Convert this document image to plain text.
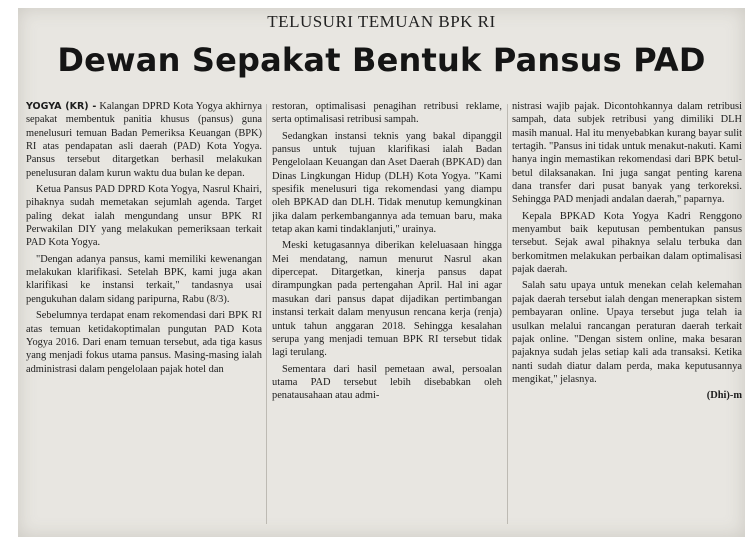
TELUSURI TEMUAN BPK RI
Dewan Sepakat Bentuk Pansus PAD

YOGYA (KR) - Kalangan DPRD Kota Yogya akhirnya sepakat membentuk panitia khusus (pansus) guna menelusuri temuan Badan Pemeriksa Keuangan (BPK) RI atas pendapatan asli daerah (PAD) Kota Yogya. Pansus tersebut ditargetkan berhasil melakukan penelusuran dalam kurun waktu dua bulan ke depan.

Ketua Pansus PAD DPRD Kota Yogya, Nasrul Khairi, pihaknya sudah memetakan sejumlah agenda. Target paling dekat ialah mengundang unsur BPK RI Perwakilan DIY yang melakukan pemeriksaan terkait PAD Kota Yogya.

"Dengan adanya pansus, kami memiliki kewenangan melakukan klarifikasi. Setelah BPK, kami juga akan klarifikasi ke instansi terkait," tandasnya usai pengukuhan dalam sidang paripurna, Rabu (8/3).

Sebelumnya terdapat enam rekomendasi dari BPK RI atas temuan ketidakoptimalan pungutan PAD Kota Yogya 2016. Dari enam temuan tersebut, ada tiga kasus yang menjadi fokus utama pansus. Masing-masing ialah administrasi dalam pengelolaan pajak hotel dan

restoran, optimalisasi penagihan retribusi reklame, serta optimalisasi retribusi sampah.

Sedangkan instansi teknis yang bakal dipanggil pansus untuk tujuan klarifikasi ialah Badan Pengelolaan Keuangan dan Aset Daerah (BPKAD) dan Dinas Lingkungan Hidup (DLH) Kota Yogya. "Kami spesifik menelusuri tiga rekomendasi yang diampu oleh BPKAD dan DLH. Tidak menutup kemungkinan jika dalam perkembangannya ada temuan baru, maka tetap akan kami tindaklanjuti," urainya.

Meski ketugasannya diberikan keleluasaan hingga Mei mendatang, namun menurut Nasrul akan dipercepat. Ditargetkan, kinerja pansus dapat dirampungkan pada pertengahan April. Hal ini agar masukan dari pansus dapat dijadikan pertimbangan instansi terkait dalam menyusun rencana kerja (renja) untuk tahun anggaran 2018. Sehingga kesalahan serupa yang menjadi temuan BPK RI tersebut tidak lagi terulang.

Sementara dari hasil pemetaan awal, persoalan utama PAD tersebut lebih disebabkan oleh penatausahaan atau admi-

nistrasi wajib pajak. Dicontohkannya dalam retribusi sampah, data subjek retribusi yang dimiliki DLH masih manual. Hal itu menyebabkan kurang bayar sulit tertagih. "Pansus ini tidak untuk menakut-nakuti. Kami hanya ingin memastikan rekomendasi dari BPK betul-betul dilaksanakan. Ini juga sangat penting karena dana transfer dari pusat banyak yang terkoreksi. Sehingga PAD menjadi andalan daerah," paparnya.

Kepala BPKAD Kota Yogya Kadri Renggono menyambut baik keputusan pembentukan pansus tersebut. Sejak awal pihaknya selalu terbuka dan berkomitmen melakukan perbaikan dalam optimalisasi pajak daerah.

Salah satu upaya untuk menekan celah kelemahan pajak daerah tersebut ialah dengan menerapkan sistem pembayaran online. Upaya tersebut juga telah ia usulkan melalui rancangan peraturan daerah terkait pajak online. "Dengan sistem online, maka besaran pajaknya sudah jelas setiap kali ada transaksi. Ketika nanti sudah diatur dalam perda, maka keputusannya mengikat," jelasnya.

(Dhi)-m
